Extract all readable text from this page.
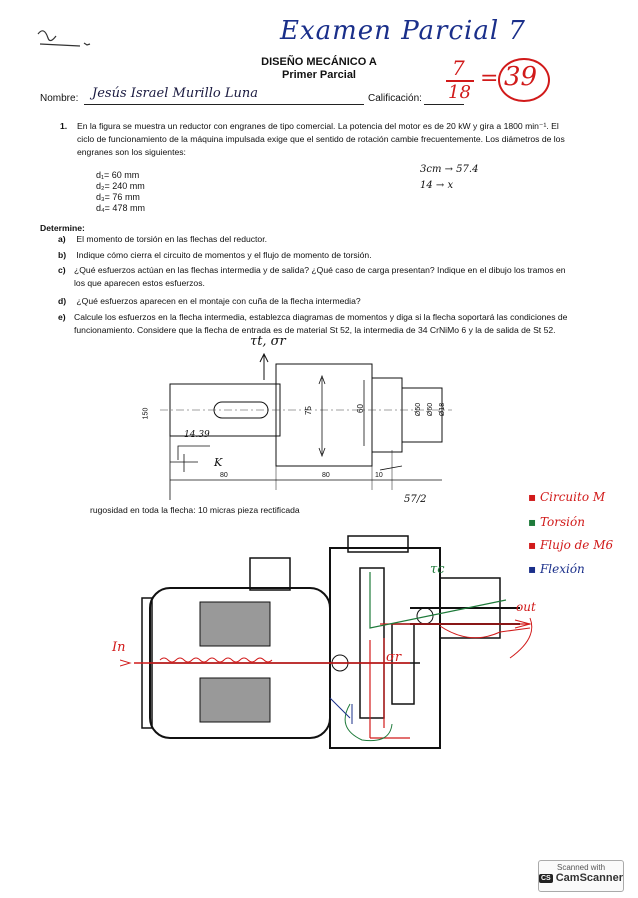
Examen Parcial 7
DISEÑO MECÁNICO A
Primer Parcial	7
18
= 39
Nombre: Jesús Israel Murillo Luna	Calificación:
1. En la figura se muestra un reductor con engranes de tipo comercial. La potencia del motor es de 20 kW y gira a 1800 min⁻¹. El ciclo de funcionamiento de la máquina impulsada exige que el sentido de rotación cambie frecuentemente. Los diámetros de los engranes son los siguientes:
d₁= 60 mm
d₂= 240 mm
d₃= 76 mm
d₄= 478 mm
3cm → 57.4
14 → x
Determine:
a) El momento de torsión en las flechas del reductor.
b) Indique cómo cierra el circuito de momentos y el flujo de momento de torsión.
c) ¿Qué esfuerzos actúan en las flechas intermedia y de salida? ¿Qué caso de carga presentan? Indique en el dibujo los tramos en los que aparecen estos esfuerzos.
d) ¿Qué esfuerzos aparecen en el montaje con cuña de la flecha intermedia?
e) Calcule los esfuerzos en la flecha intermedia, establezca diagramas de momentos y diga si la flecha soportará las condiciones de funcionamiento. Considere que la flecha de entrada es de material St 52, la intermedia de 34 CrNiMo 6 y la de salida de St 52.
τt, σr
150	75	60	Ø50 Ø60 Ø18
80	80	10
14.39
K
57/2
rugosidad en toda la flecha: 10 micras pieza rectificada
▪ Circuito M
▪ Torsión
▪ Flujo de M6
▪ Flexión
In
out
τc
σr
Scanned with
CS CamScanner
